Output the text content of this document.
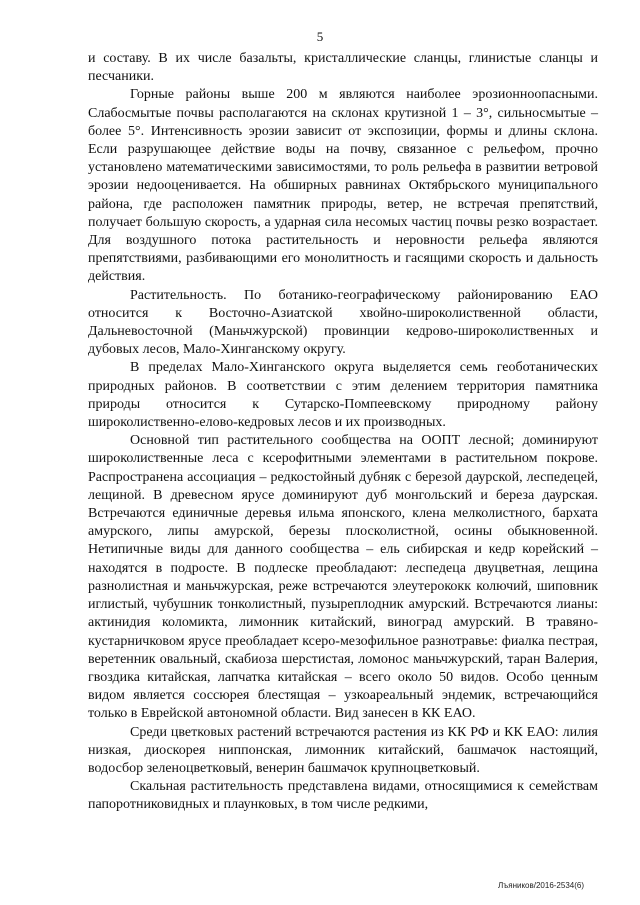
5

и составу. В их числе базальты, кристаллические сланцы, глинистые сланцы и песчаники.

Горные районы выше 200 м являются наиболее эрозионноопасными. Слабосмытые почвы располагаются на склонах крутизной 1 – 3°, сильносмытые – более 5°. Интенсивность эрозии зависит от экспозиции, формы и длины склона. Если разрушающее действие воды на почву, связанное с рельефом, прочно установлено математическими зависимостями, то роль рельефа в развитии ветровой эрозии недооценивается. На обширных равнинах Октябрьского муниципального района, где расположен памятник природы, ветер, не встречая препятствий, получает большую скорость, а ударная сила несомых частиц почвы резко возрастает. Для воздушного потока растительность и неровности рельефа являются препятствиями, разбивающими его монолитность и гасящими скорость и дальность действия.

Растительность. По ботанико-географическому районированию ЕАО относится к Восточно-Азиатской хвойно-широколиственной области, Дальневосточной (Маньчжурской) провинции кедрово-широколиственных и дубовых лесов, Мало-Хинганскому округу.

В пределах Мало-Хинганского округа выделяется семь геоботанических природных районов. В соответствии с этим делением территория памятника природы относится к Сутарско-Помпеевскому природному району широколиственно-елово-кедровых лесов и их производных.

Основной тип растительного сообщества на ООПТ лесной; доминируют широколиственные леса с ксерофитными элементами в растительном покрове. Распространена ассоциация – редкостойный дубняк с березой даурской, леспедецей, лещиной. В древесном ярусе доминируют дуб монгольский и береза даурская. Встречаются единичные деревья ильма японского, клена мелколистного, бархата амурского, липы амурской, березы плосколистной, осины обыкновенной. Нетипичные виды для данного сообщества – ель сибирская и кедр корейский – находятся в подросте. В подлеске преобладают: леспедеца двуцветная, лещина разнолистная и маньчжурская, реже встречаются элеутерококк колючий, шиповник иглистый, чубушник тонколистный, пузыреплодник амурский. Встречаются лианы: актинидия коломикта, лимонник китайский, виноград амурский. В травяно-кустарничковом ярусе преобладает ксеро-мезофильное разнотравье: фиалка пестрая, веретенник овальный, скабиоза шерстистая, ломонос маньчжурский, таран Валерия, гвоздика китайская, лапчатка китайская – всего около 50 видов. Особо ценным видом является соссюрея блестящая – узкоареальный эндемик, встречающийся только в Еврейской автономной области. Вид занесен в КК ЕАО.

Среди цветковых растений встречаются растения из КК РФ и КК ЕАО: лилия низкая, диоскорея ниппонская, лимонник китайский, башмачок настоящий, водосбор зеленоцветковый, венерин башмачок крупноцветковый.

Скальная растительность представлена видами, относящимися к семействам папоротниковидных и плаунковых, в том числе редкими,

Лъяников/2016-2534(6)
